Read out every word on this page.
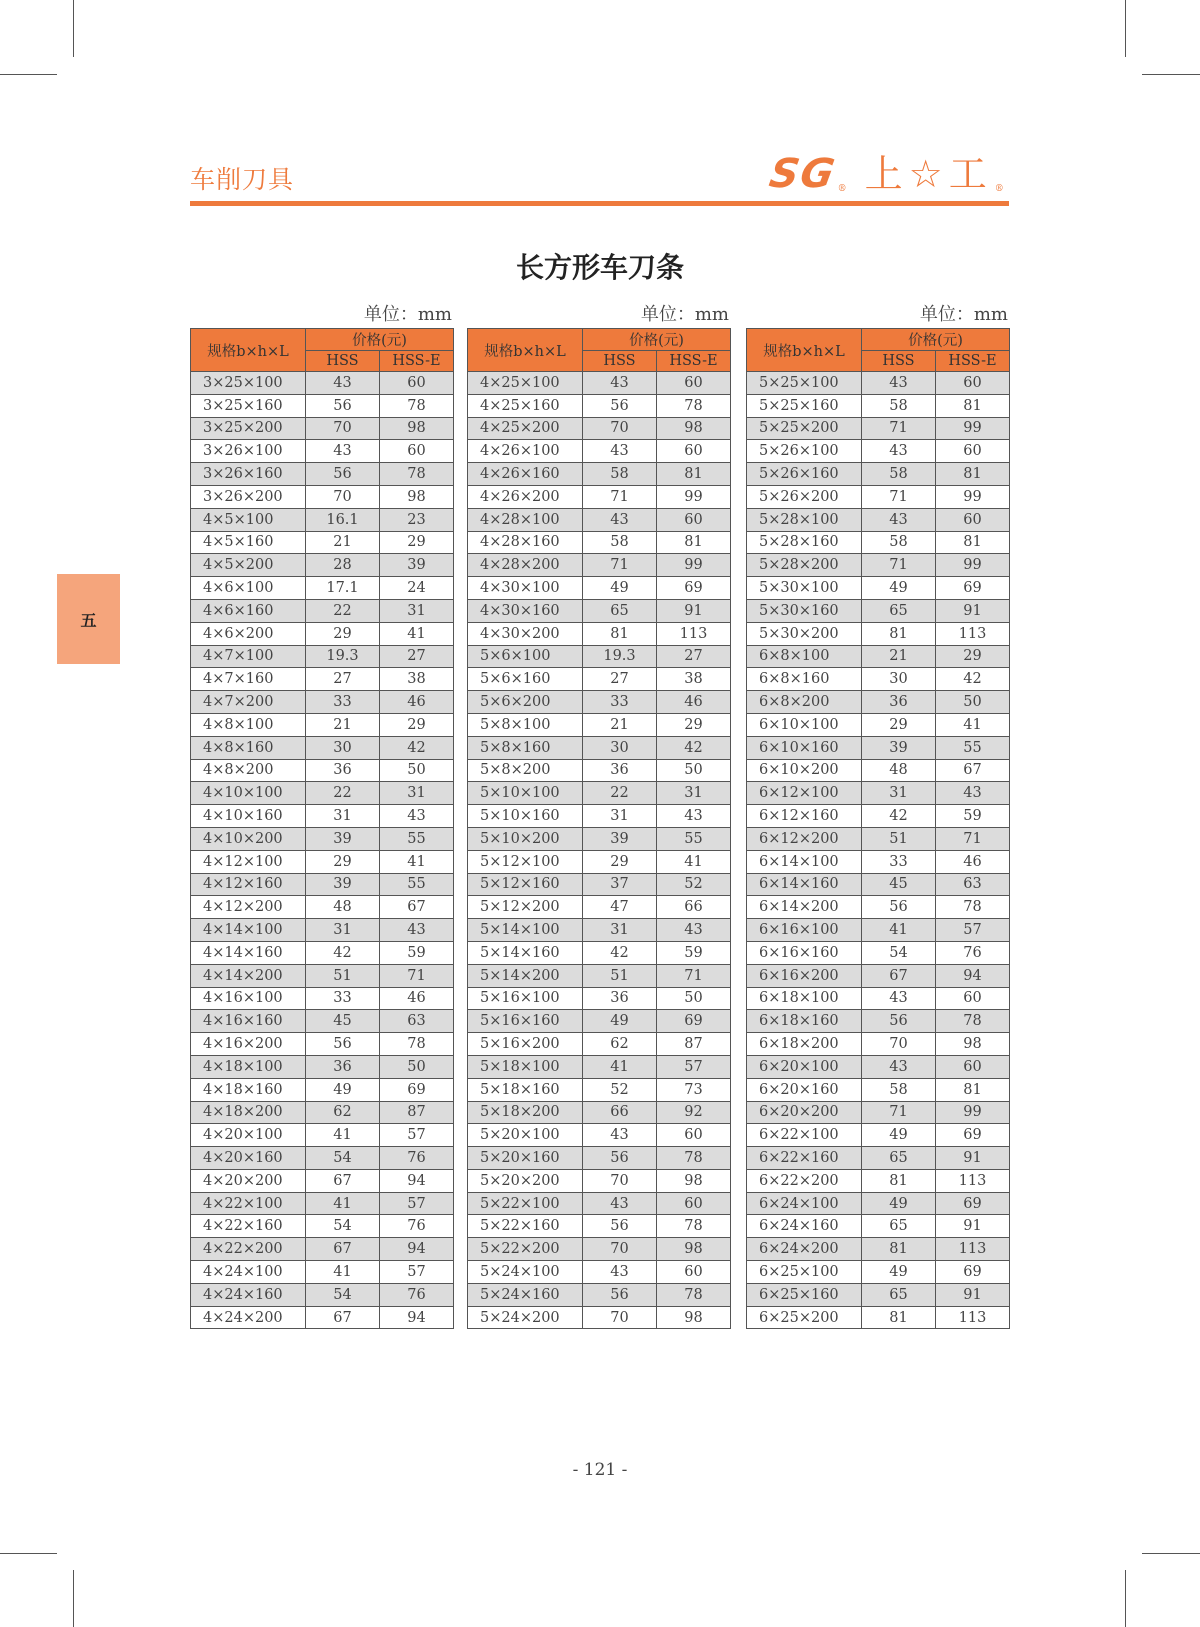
车削刀具	SG
® 上☆工$_®$
长方形车刀条
五
单位：mm
规格b×h×L	价格(元)	
	HSS	HSS-E
3×25×100	43	60
3×25×160	56	78
3×25×200	70	98
3×26×100	43	60
3×26×160	56	78
3×26×200	70	98
4×5×100	16.1	23
4×5×160	21	29
4×5×200	28	39
4×6×100	17.1	24
4×6×160	22	31
4×6×200	29	41
4×7×100	19.3	27
4×7×160	27	38
4×7×200	33	46
4×8×100	21	29
4×8×160	30	42
4×8×200	36	50
4×10×100	22	31
4×10×160	31	43
4×10×200	39	55
4×12×100	29	41
4×12×160	39	55
4×12×200	48	67
4×14×100	31	43
4×14×160	42	59
4×14×200	51	71
4×16×100	33	46
4×16×160	45	63
4×16×200	56	78
4×18×100	36	50
4×18×160	49	69
4×18×200	62	87
4×20×100	41	57
4×20×160	54	76
4×20×200	67	94
4×22×100	41	57
4×22×160	54	76
4×22×200	67	94
4×24×100	41	57
4×24×160	54	76
4×24×200	67	94
单位：mm
规格b×h×L	价格(元)	
	HSS	HSS-E
4×25×100	43	60
4×25×160	56	78
4×25×200	70	98
4×26×100	43	60
4×26×160	58	81
4×26×200	71	99
4×28×100	43	60
4×28×160	58	81
4×28×200	71	99
4×30×100	49	69
4×30×160	65	91
4×30×200	81	113
5×6×100	19.3	27
5×6×160	27	38
5×6×200	33	46
5×8×100	21	29
5×8×160	30	42
5×8×200	36	50
5×10×100	22	31
5×10×160	31	43
5×10×200	39	55
5×12×100	29	41
5×12×160	37	52
5×12×200	47	66
5×14×100	31	43
5×14×160	42	59
5×14×200	51	71
5×16×100	36	50
5×16×160	49	69
5×16×200	62	87
5×18×100	41	57
5×18×160	52	73
5×18×200	66	92
5×20×100	43	60
5×20×160	56	78
5×20×200	70	98
5×22×100	43	60
5×22×160	56	78
5×22×200	70	98
5×24×100	43	60
5×24×160	56	78
5×24×200	70	98
单位：mm
规格b×h×L	价格(元)	
	HSS	HSS-E
5×25×100	43	60
5×25×160	58	81
5×25×200	71	99
5×26×100	43	60
5×26×160	58	81
5×26×200	71	99
5×28×100	43	60
5×28×160	58	81
5×28×200	71	99
5×30×100	49	69
5×30×160	65	91
5×30×200	81	113
6×8×100	21	29
6×8×160	30	42
6×8×200	36	50
6×10×100	29	41
6×10×160	39	55
6×10×200	48	67
6×12×100	31	43
6×12×160	42	59
6×12×200	51	71
6×14×100	33	46
6×14×160	45	63
6×14×200	56	78
6×16×100	41	57
6×16×160	54	76
6×16×200	67	94
6×18×100	43	60
6×18×160	56	78
6×18×200	70	98
6×20×100	43	60
6×20×160	58	81
6×20×200	71	99
6×22×100	49	69
6×22×160	65	91
6×22×200	81	113
6×24×100	49	69
6×24×160	65	91
6×24×200	81	113
6×25×100	49	69
6×25×160	65	91
6×25×200	81	113
- 121 -
